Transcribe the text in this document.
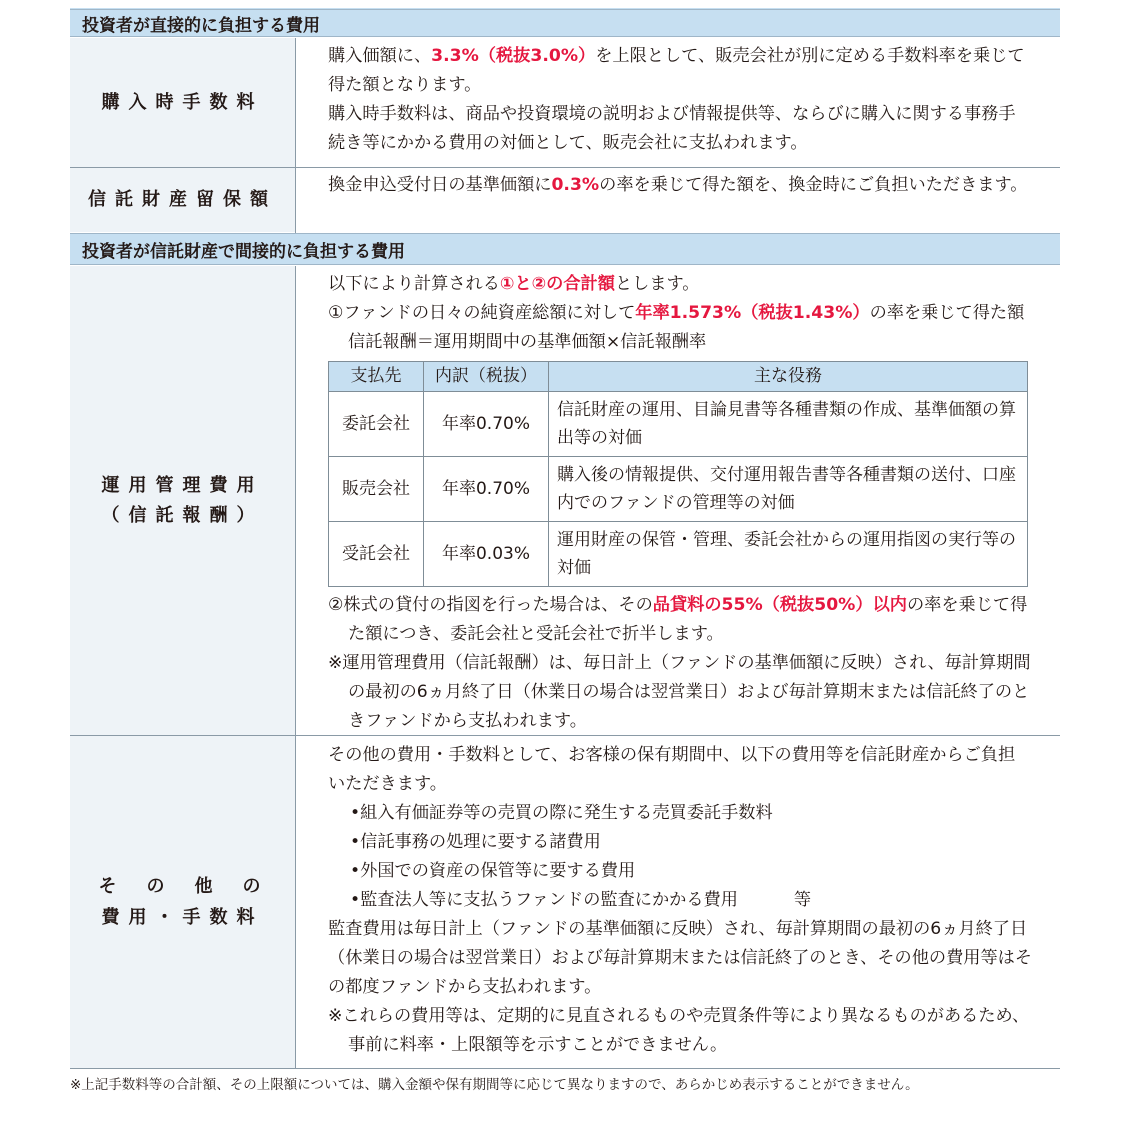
投資者が直接的に負担する費用
購入時手数料

購入価額に、3.3%（税抜3.0%）を上限として、販売会社が別に定める手数料率を乗じて得た額となります。

購入時手数料は、商品や投資環境の説明および情報提供等、ならびに購入に関する事務手続き等にかかる費用の対価として、販売会社に支払われます。

信託財産留保額

換金申込受付日の基準価額に0.3%の率を乗じて得た額を、換金時にご負担いただきます。

投資者が信託財産で間接的に負担する費用
運用管理費用
（信託報酬）

以下により計算される①と②の合計額とします。

①ファンドの日々の純資産総額に対して年率1.573%（税抜1.43%）の率を乗じて得た額

信託報酬＝運用期間中の基準価額×信託報酬率

支払先	内訳（税抜）	主な役務
委託会社	年率0.70%	信託財産の運用、目論見書等各種書類の作成、基準価額の算出等の対価
販売会社	年率0.70%	購入後の情報提供、交付運用報告書等各種書類の送付、口座内でのファンドの管理等の対価
受託会社	年率0.03%	運用財産の保管・管理、委託会社からの運用指図の実行等の対価

②株式の貸付の指図を行った場合は、その品貸料の55%（税抜50%）以内の率を乗じて得た額につき、委託会社と受託会社で折半します。

※運用管理費用（信託報酬）は、毎日計上（ファンドの基準価額に反映）され、毎計算期間の最初の6ヵ月終了日（休業日の場合は翌営業日）および毎計算期末または信託終了のときファンドから支払われます。

その他の
費用・手数料

その他の費用・手数料として、お客様の保有期間中、以下の費用等を信託財産からご負担いただきます。

•組入有価証券等の売買の際に発生する売買委託手数料

•信託事務の処理に要する諸費用

•外国での資産の保管等に要する費用

•監査法人等に支払うファンドの監査にかかる費用	等

監査費用は毎日計上（ファンドの基準価額に反映）され、毎計算期間の最初の6ヵ月終了日（休業日の場合は翌営業日）および毎計算期末または信託終了のとき、その他の費用等はその都度ファンドから支払われます。

※これらの費用等は、定期的に見直されるものや売買条件等により異なるものがあるため、事前に料率・上限額等を示すことができません。

※上記手数料等の合計額、その上限額については、購入金額や保有期間等に応じて異なりますので、あらかじめ表示することができません。
